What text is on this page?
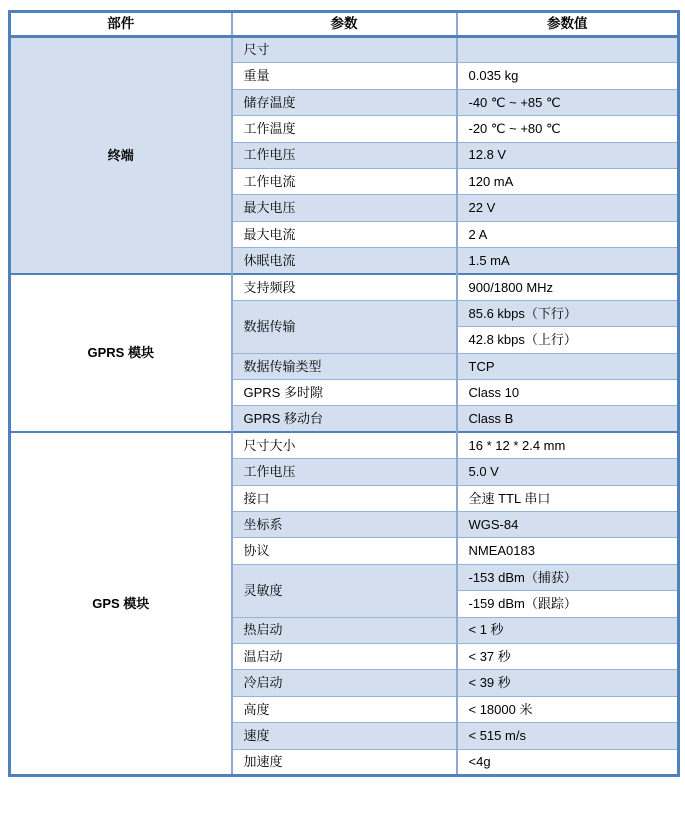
部件	参数	参数值
终端	尺寸	
	重量	0.035 kg
	储存温度	-40 ℃ ~ +85 ℃
	工作温度	-20 ℃ ~ +80 ℃
	工作电压	12.8 V
	工作电流	120 mA
	最大电压	22 V
	最大电流	2 A
	休眠电流	1.5 mA
GPRS 模块	支持频段	900/1800 MHz
	数据传输	85.6 kbps（下行）
		42.8 kbps（上行）
	数据传输类型	TCP
	GPRS 多时隙	Class 10
	GPRS 移动台	Class B
GPS 模块	尺寸大小	16 * 12 * 2.4 mm
	工作电压	5.0 V
	接口	全速 TTL 串口
	坐标系	WGS-84
	协议	NMEA0183
	灵敏度	-153 dBm（捕获）
		-159 dBm（跟踪）
	热启动	< 1 秒
	温启动	< 37 秒
	冷启动	< 39 秒
	高度	< 18000 米
	速度	< 515 m/s
	加速度	<4g
